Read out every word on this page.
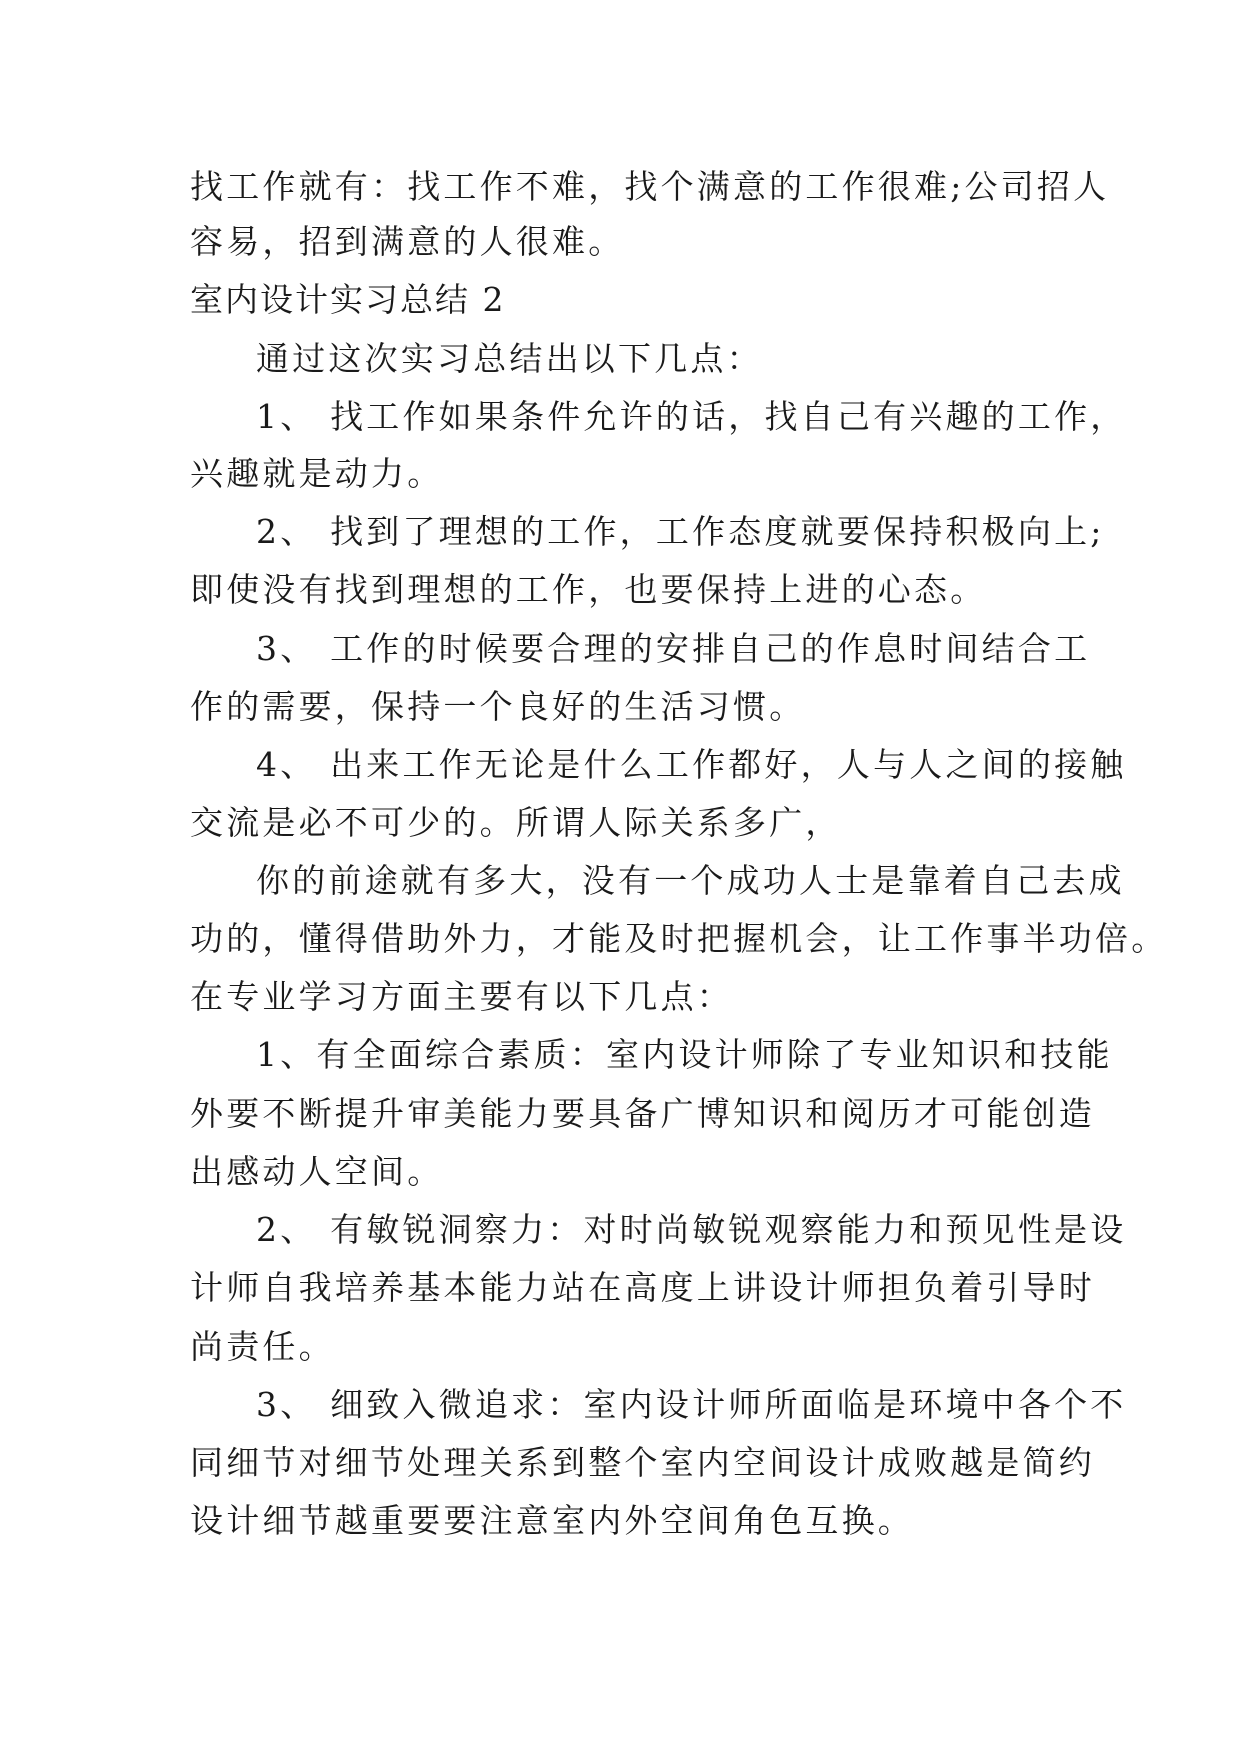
找工作就有：找工作不难，找个满意的工作很难;公司招人
容易，招到满意的人很难。
室内设计实习总结 2
通过这次实习总结出以下几点：
1、 找工作如果条件允许的话，找自己有兴趣的工作，
兴趣就是动力。
2、 找到了理想的工作，工作态度就要保持积极向上;
即使没有找到理想的工作，也要保持上进的心态。
3、 工作的时候要合理的安排自己的作息时间结合工
作的需要，保持一个良好的生活习惯。
4、 出来工作无论是什么工作都好，人与人之间的接触
交流是必不可少的。所谓人际关系多广，
你的前途就有多大，没有一个成功人士是靠着自己去成
功的，懂得借助外力，才能及时把握机会，让工作事半功倍。
在专业学习方面主要有以下几点：
1、有全面综合素质：室内设计师除了专业知识和技能
外要不断提升审美能力要具备广博知识和阅历才可能创造
出感动人空间。
2、 有敏锐洞察力：对时尚敏锐观察能力和预见性是设
计师自我培养基本能力站在高度上讲设计师担负着引导时
尚责任。
3、 细致入微追求：室内设计师所面临是环境中各个不
同细节对细节处理关系到整个室内空间设计成败越是简约
设计细节越重要要注意室内外空间角色互换。
